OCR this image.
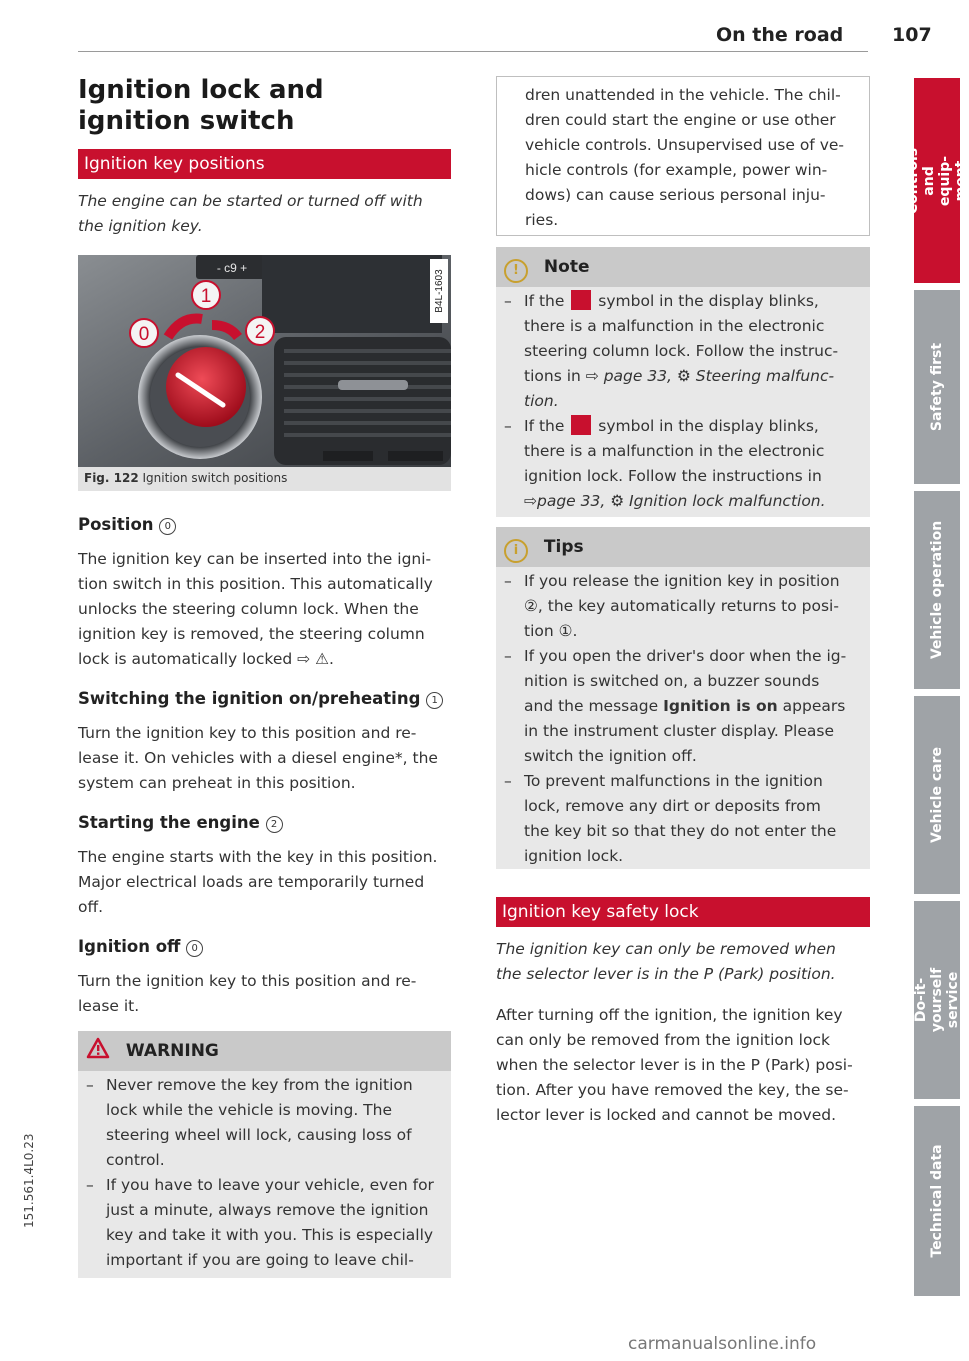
On the road	107
Ignition lock and
ignition switch
Ignition key positions
The engine can be started or turned off with
the ignition key.
- c9 +
1
0	2
B4L-1603
Fig. 122 Ignition switch positions
Position 0
The ignition key can be inserted into the igni-
tion switch in this position. This automatically
unlocks the steering column lock. When the
ignition key is removed, the steering column
lock is automatically locked ⇨ ⚠.
Switching the ignition on/preheating 1
Turn the ignition key to this position and re-
lease it. On vehicles with a diesel engine*, the
system can preheat in this position.
Starting the engine 2
The engine starts with the key in this position.
Major electrical loads are temporarily turned
off.
Ignition off 0
Turn the ignition key to this position and re-
lease it.
WARNING
– Never remove the key from the ignition
lock while the vehicle is moving. The
steering wheel will lock, causing loss of
control.
– If you have to leave your vehicle, even for
just a minute, always remove the ignition
key and take it with you. This is especially
important if you are going to leave chil-
dren unattended in the vehicle. The chil-
dren could start the engine or use other
vehicle controls. Unsupervised use of ve-
hicle controls (for example, power win-
dows) can cause serious personal inju-
ries.
! Note
– If the symbol in the display blinks,
there is a malfunction in the electronic
steering column lock. Follow the instruc-
tions in ⇨ page 33, ⚙ Steering malfunc-
tion.
– If the symbol in the display blinks,
there is a malfunction in the electronic
ignition lock. Follow the instructions in
⇨page 33, ⚙ Ignition lock malfunction.
i Tips
– If you release the ignition key in position
②, the key automatically returns to posi-
tion ①.
– If you open the driver's door when the ig-
nition is switched on, a buzzer sounds
and the message Ignition is on appears
in the instrument cluster display. Please
switch the ignition off.
– To prevent malfunctions in the ignition
lock, remove any dirt or deposits from
the key bit so that they do not enter the
ignition lock.
Ignition key safety lock
The ignition key can only be removed when
the selector lever is in the P (Park) position.
After turning off the ignition, the ignition key
can only be removed from the ignition lock
when the selector lever is in the P (Park) posi-
tion. After you have removed the key, the se-
lector lever is locked and cannot be moved.
Controls and equip-
ment
Safety first
Vehicle operation
Vehicle care
Do-it-yourself
service
Technical data
151.561.4L0.23
carmanualsonline.info
